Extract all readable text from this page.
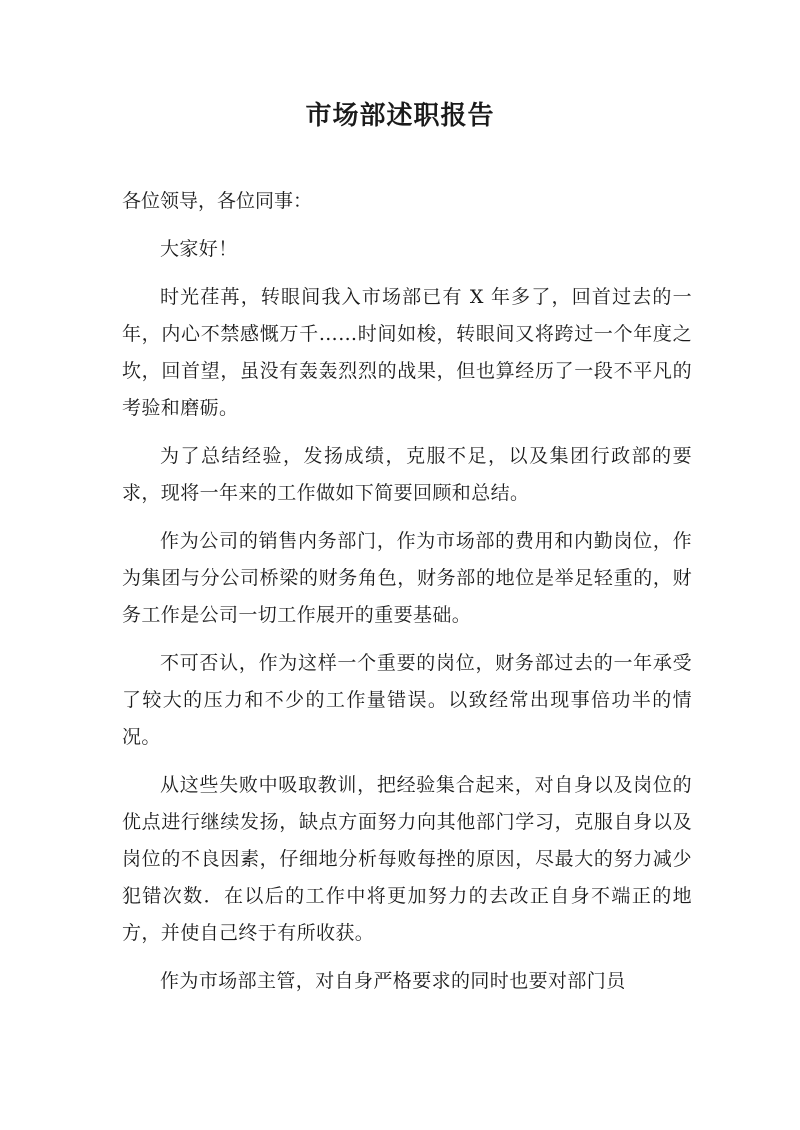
市场部述职报告

各位领导，各位同事：

大家好！

时光荏苒，转眼间我入市场部已有 X 年多了，回首过去的一年，内心不禁感慨万千……时间如梭，转眼间又将跨过一个年度之坎，回首望，虽没有轰轰烈烈的战果，但也算经历了一段不平凡的考验和磨砺。

为了总结经验，发扬成绩，克服不足，以及集团行政部的要求，现将一年来的工作做如下简要回顾和总结。

作为公司的销售内务部门，作为市场部的费用和内勤岗位，作为集团与分公司桥梁的财务角色，财务部的地位是举足轻重的，财务工作是公司一切工作展开的重要基础。

不可否认，作为这样一个重要的岗位，财务部过去的一年承受了较大的压力和不少的工作量错误。以致经常出现事倍功半的情况。

从这些失败中吸取教训，把经验集合起来，对自身以及岗位的优点进行继续发扬，缺点方面努力向其他部门学习，克服自身以及岗位的不良因素，仔细地分析每败每挫的原因，尽最大的努力减少犯错次数．在以后的工作中将更加努力的去改正自身不端正的地方，并使自己终于有所收获。

作为市场部主管，对自身严格要求的同时也要对部门员
